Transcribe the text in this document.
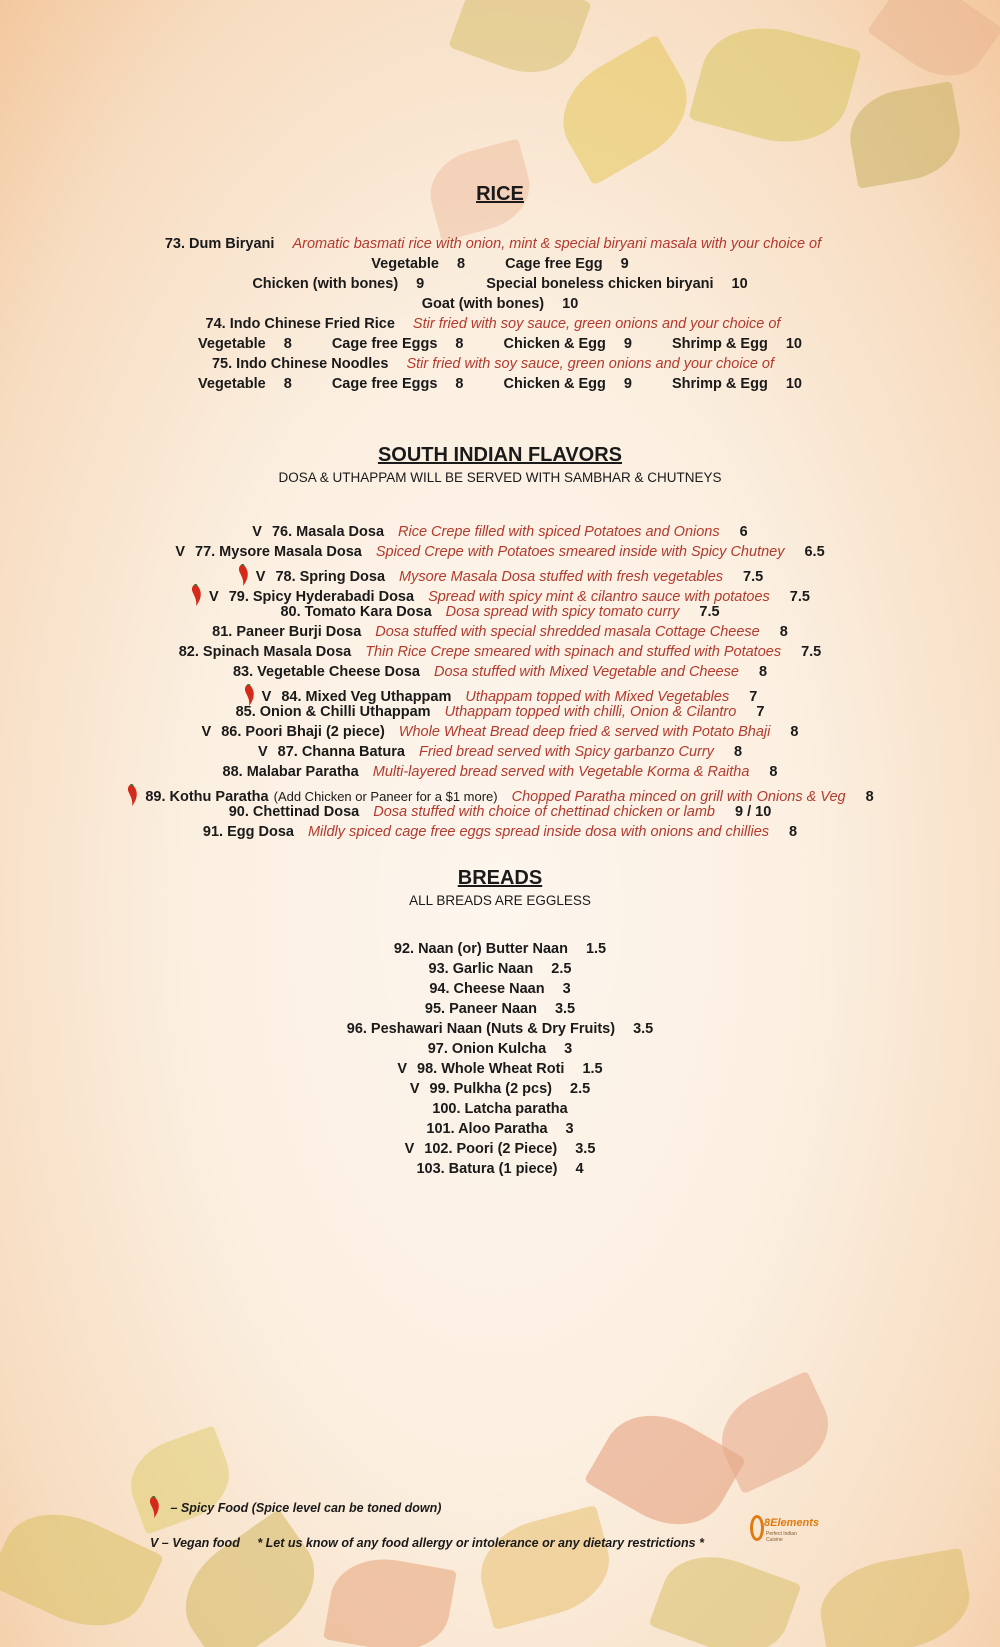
RICE
73. Dum Biryani Aromatic basmati rice with onion, mint & special biryani masala with your choice of
Vegetable 8	Cage free Egg 9
Chicken (with bones) 9	Special boneless chicken biryani 10
Goat (with bones) 10
74. Indo Chinese Fried Rice Stir fried with soy sauce, green onions and your choice of
Vegetable 8	Cage free Eggs 8	Chicken & Egg 9	Shrimp & Egg 10
75. Indo Chinese Noodles Stir fried with soy sauce, green onions and your choice of
Vegetable 8	Cage free Eggs 8	Chicken & Egg 9	Shrimp & Egg 10
SOUTH INDIAN FLAVORS
DOSA & UTHAPPAM WILL BE SERVED WITH SAMBHAR & CHUTNEYS
V 76. Masala Dosa Rice Crepe filled with spiced Potatoes and Onions 6
V 77. Mysore Masala Dosa Spiced Crepe with Potatoes smeared inside with Spicy Chutney 6.5
V 78. Spring Dosa Mysore Masala Dosa stuffed with fresh vegetables 7.5
V 79. Spicy Hyderabadi Dosa Spread with spicy mint & cilantro sauce with potatoes 7.5
80. Tomato Kara Dosa Dosa spread with spicy tomato curry 7.5
81. Paneer Burji Dosa Dosa stuffed with special shredded masala Cottage Cheese 8
82. Spinach Masala Dosa Thin Rice Crepe smeared with spinach and stuffed with Potatoes 7.5
83. Vegetable Cheese Dosa Dosa stuffed with Mixed Vegetable and Cheese 8
V 84. Mixed Veg Uthappam Uthappam topped with Mixed Vegetables 7
85. Onion & Chilli Uthappam Uthappam topped with chilli, Onion & Cilantro 7
V 86. Poori Bhaji (2 piece) Whole Wheat Bread deep fried & served with Potato Bhaji 8
V 87. Channa Batura Fried bread served with Spicy garbanzo Curry 8
88. Malabar Paratha Multi-layered bread served with Vegetable Korma & Raitha 8
89. Kothu Paratha (Add Chicken or Paneer for a $1 more) Chopped Paratha minced on grill with Onions & Veg 8
90. Chettinad Dosa Dosa stuffed with choice of chettinad chicken or lamb 9 / 10
91. Egg Dosa Mildly spiced cage free eggs spread inside dosa with onions and chillies 8
BREADS
ALL BREADS ARE EGGLESS
92. Naan (or) Butter Naan 1.5
93. Garlic Naan 2.5
94. Cheese Naan 3
95. Paneer Naan 3.5
96. Peshawari Naan (Nuts & Dry Fruits) 3.5
97. Onion Kulcha 3
V 98. Whole Wheat Roti 1.5
V 99. Pulkha (2 pcs) 2.5
100. Latcha paratha
101. Aloo Paratha 3
V 102. Poori (2 Piece) 3.5
103. Batura (1 piece) 4
– Spicy Food (Spice level can be toned down)
V – Vegan food * Let us know of any food allergy or intolerance or any dietary restrictions *
8Elements
Perfect Indian Cuisine
